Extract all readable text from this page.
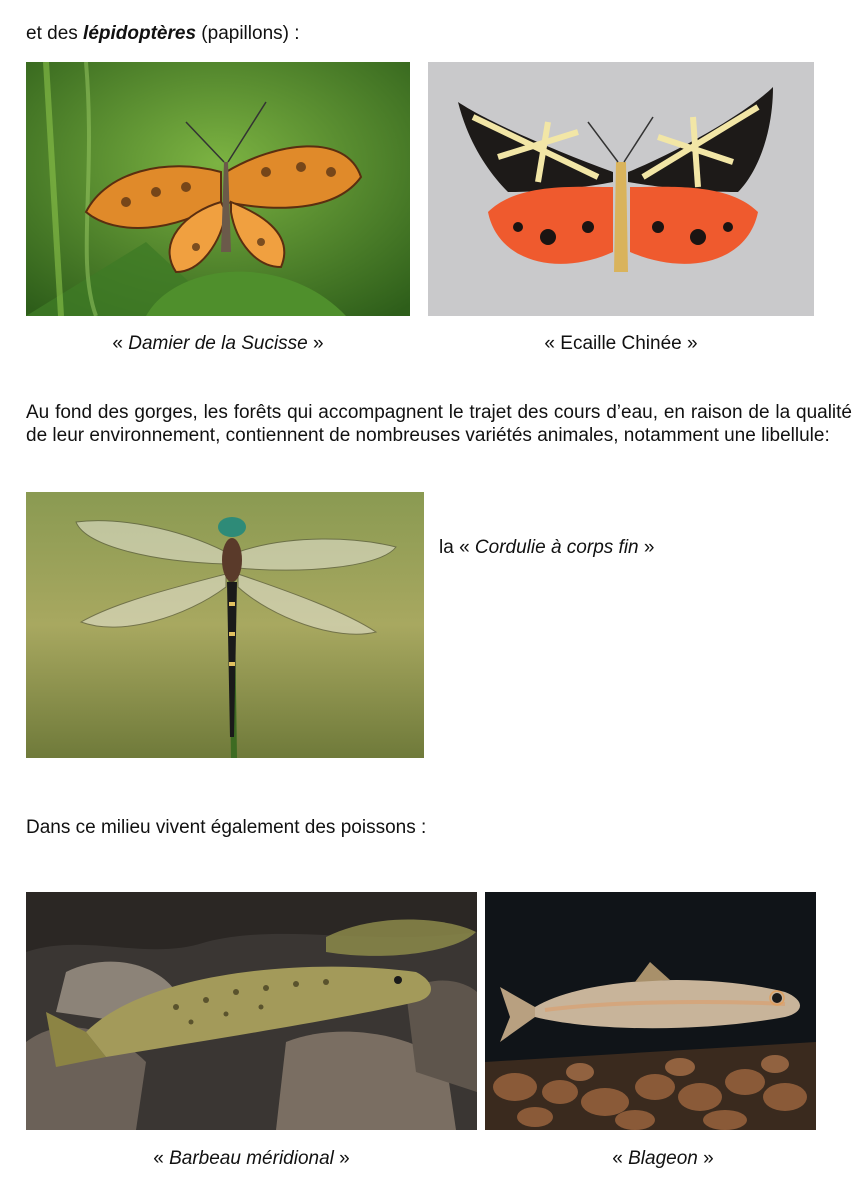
et des lépidoptères (papillons) :
« Damier de la Sucisse »	« Ecaille Chinée »
Au fond des gorges, les forêts qui accompagnent le trajet des cours d’eau, en raison de la qualité de leur environnement, contiennent de nombreuses variétés animales, notamment une libellule:
la « Cordulie à corps fin »
Dans ce milieu vivent également des poissons :
« Barbeau méridional »	« Blageon »
